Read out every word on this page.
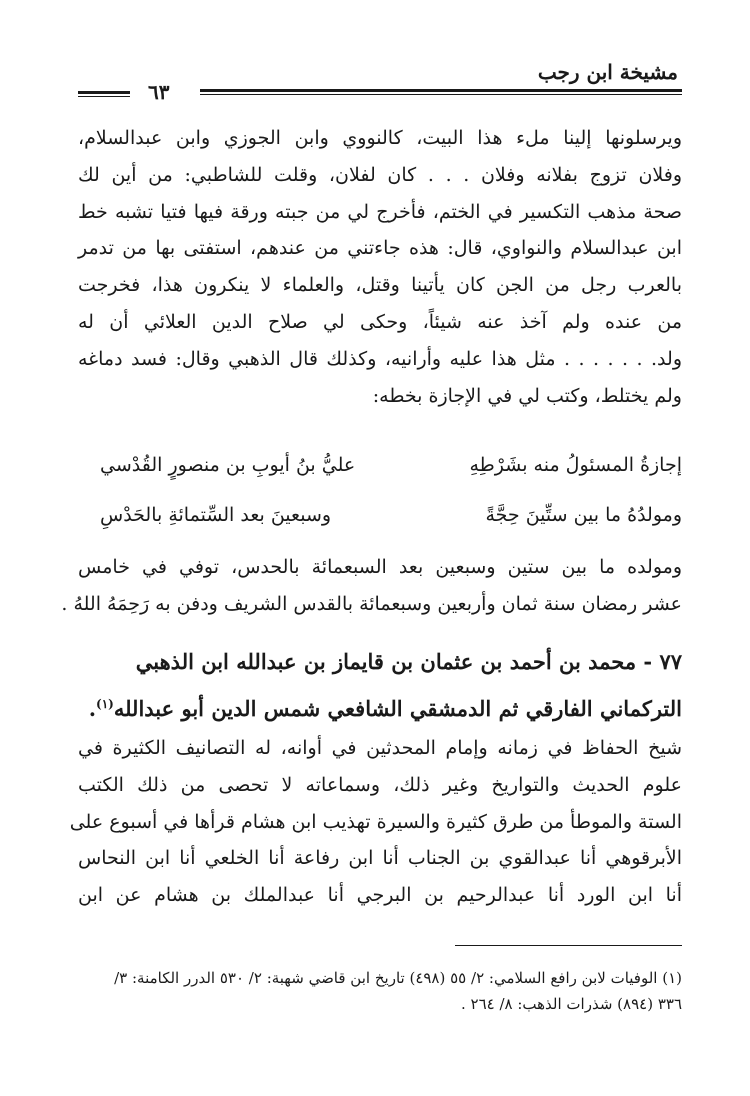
مشيخة ابن رجب
٦٣
ويرسلونها إلينا ملء هذا البيت، كالنووي وابن الجوزي وابن عبدالسلام،
وفلان تزوج بفلانه وفلان . . . كان لفلان، وقلت للشاطبي: من أين لك
صحة مذهب التكسير في الختم، فأخرج لي من جبته ورقة فيها فتيا تشبه خط
ابن عبدالسلام والنواوي، قال: هذه جاءتني من عندهم، استفتى بها من تدمر
بالعرب رجل من الجن كان يأتينا وقتل، والعلماء لا ينكرون هذا، فخرجت
من عنده ولم آخذ عنه شيئاً، وحكى لي صلاح الدين العلائي أن له
ولد. . . . . . . مثل هذا عليه وأرانيه، وكذلك قال الذهبي وقال: فسد دماغه
ولم يختلط، وكتب لي في الإجازة بخطه:
إجازةُ المسئولُ منه بشَرْطِهِ
عليُّ بنُ أيوبِ بن منصورٍ القُدْسي
ومولدُهُ ما بين ستِّينَ حِجَّةً
وسبعينَ بعد السِّتمائةِ بالحَدْسِ
ومولده ما بين ستين وسبعين بعد السبعمائة بالحدس، توفي في خامس
عشر رمضان سنة ثمان وأربعين وسبعمائة بالقدس الشريف ودفن به رَحِمَهُ اللهُ .
٧٧ - محمد بن أحمد بن عثمان بن قايماز بن عبدالله ابن الذهبي
التركماني الفارقي ثم الدمشقي الشافعي شمس الدين أبو عبدالله$^{(١)}$.
شيخ الحفاظ في زمانه وإمام المحدثين في أوانه، له التصانيف الكثيرة في
علوم الحديث والتواريخ وغير ذلك، وسماعاته لا تحصى من ذلك الكتب
الستة والموطأ من طرق كثيرة والسيرة تهذيب ابن هشام قرأها في أسبوع على
الأبرقوهي أنا عبدالقوي بن الجناب أنا ابن رفاعة أنا الخلعي أنا ابن النحاس
أنا ابن الورد أنا عبدالرحيم بن البرجي أنا عبدالملك بن هشام عن ابن
(١) الوفيات لابن رافع السلامي: ٢/ ٥٥ (٤٩٨) تاريخ ابن قاضي شهبة: ٢/ ٥٣٠ الدرر الكامنة: ٣/
٣٣٦ (٨٩٤) شذرات الذهب: ٨/ ٢٦٤ .
